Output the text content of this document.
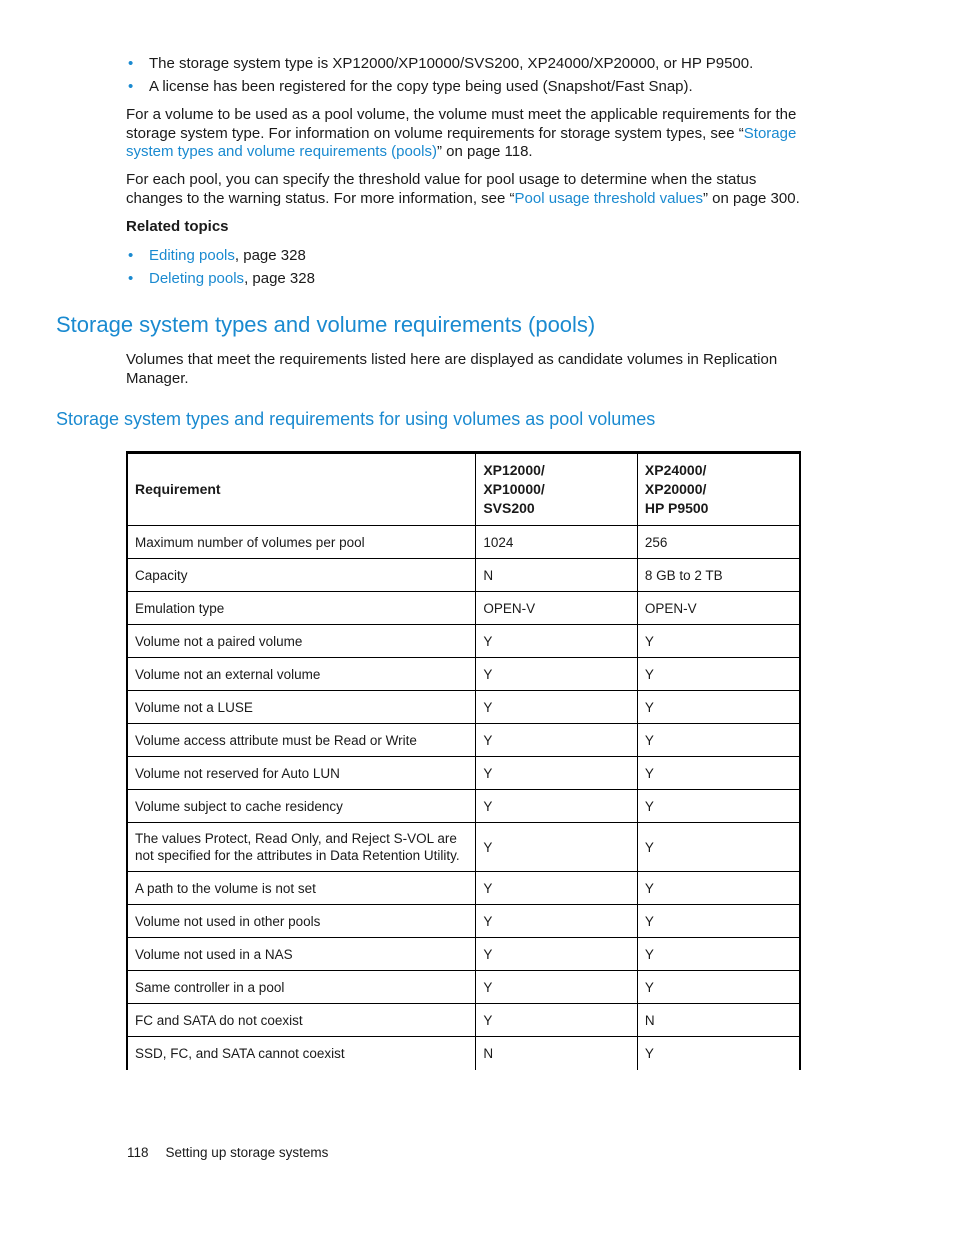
• The storage system type is XP12000/XP10000/SVS200, XP24000/XP20000, or HP P9500.
• A license has been registered for the copy type being used (Snapshot/Fast Snap).

For a volume to be used as a pool volume, the volume must meet the applicable requirements for the storage system type. For information on volume requirements for storage system types, see “Storage system types and volume requirements (pools)” on page 118.

For each pool, you can specify the threshold value for pool usage to determine when the status changes to the warning status. For more information, see “Pool usage threshold values” on page 300.

Related topics

• Editing pools, page 328
• Deleting pools, page 328
Storage system types and volume requirements (pools)

Volumes that meet the requirements listed here are displayed as candidate volumes in Replication Manager.

Storage system types and requirements for using volumes as pool volumes
Requirement	XP12000/
XP10000/
SVS200	XP24000/
XP20000/
HP P9500
Maximum number of volumes per pool	1024	256
Capacity	N	8 GB to 2 TB
Emulation type	OPEN-V	OPEN-V
Volume not a paired volume	Y	Y
Volume not an external volume	Y	Y
Volume not a LUSE	Y	Y
Volume access attribute must be Read or Write	Y	Y
Volume not reserved for Auto LUN	Y	Y
Volume subject to cache residency	Y	Y
The values Protect, Read Only, and Reject S-VOL are not specified for the attributes in Data Retention Utility.	Y	Y
A path to the volume is not set	Y	Y
Volume not used in other pools	Y	Y
Volume not used in a NAS	Y	Y
Same controller in a pool	Y	Y
FC and SATA do not coexist	Y	N
SSD, FC, and SATA cannot coexist	N	Y
118 Setting up storage systems
